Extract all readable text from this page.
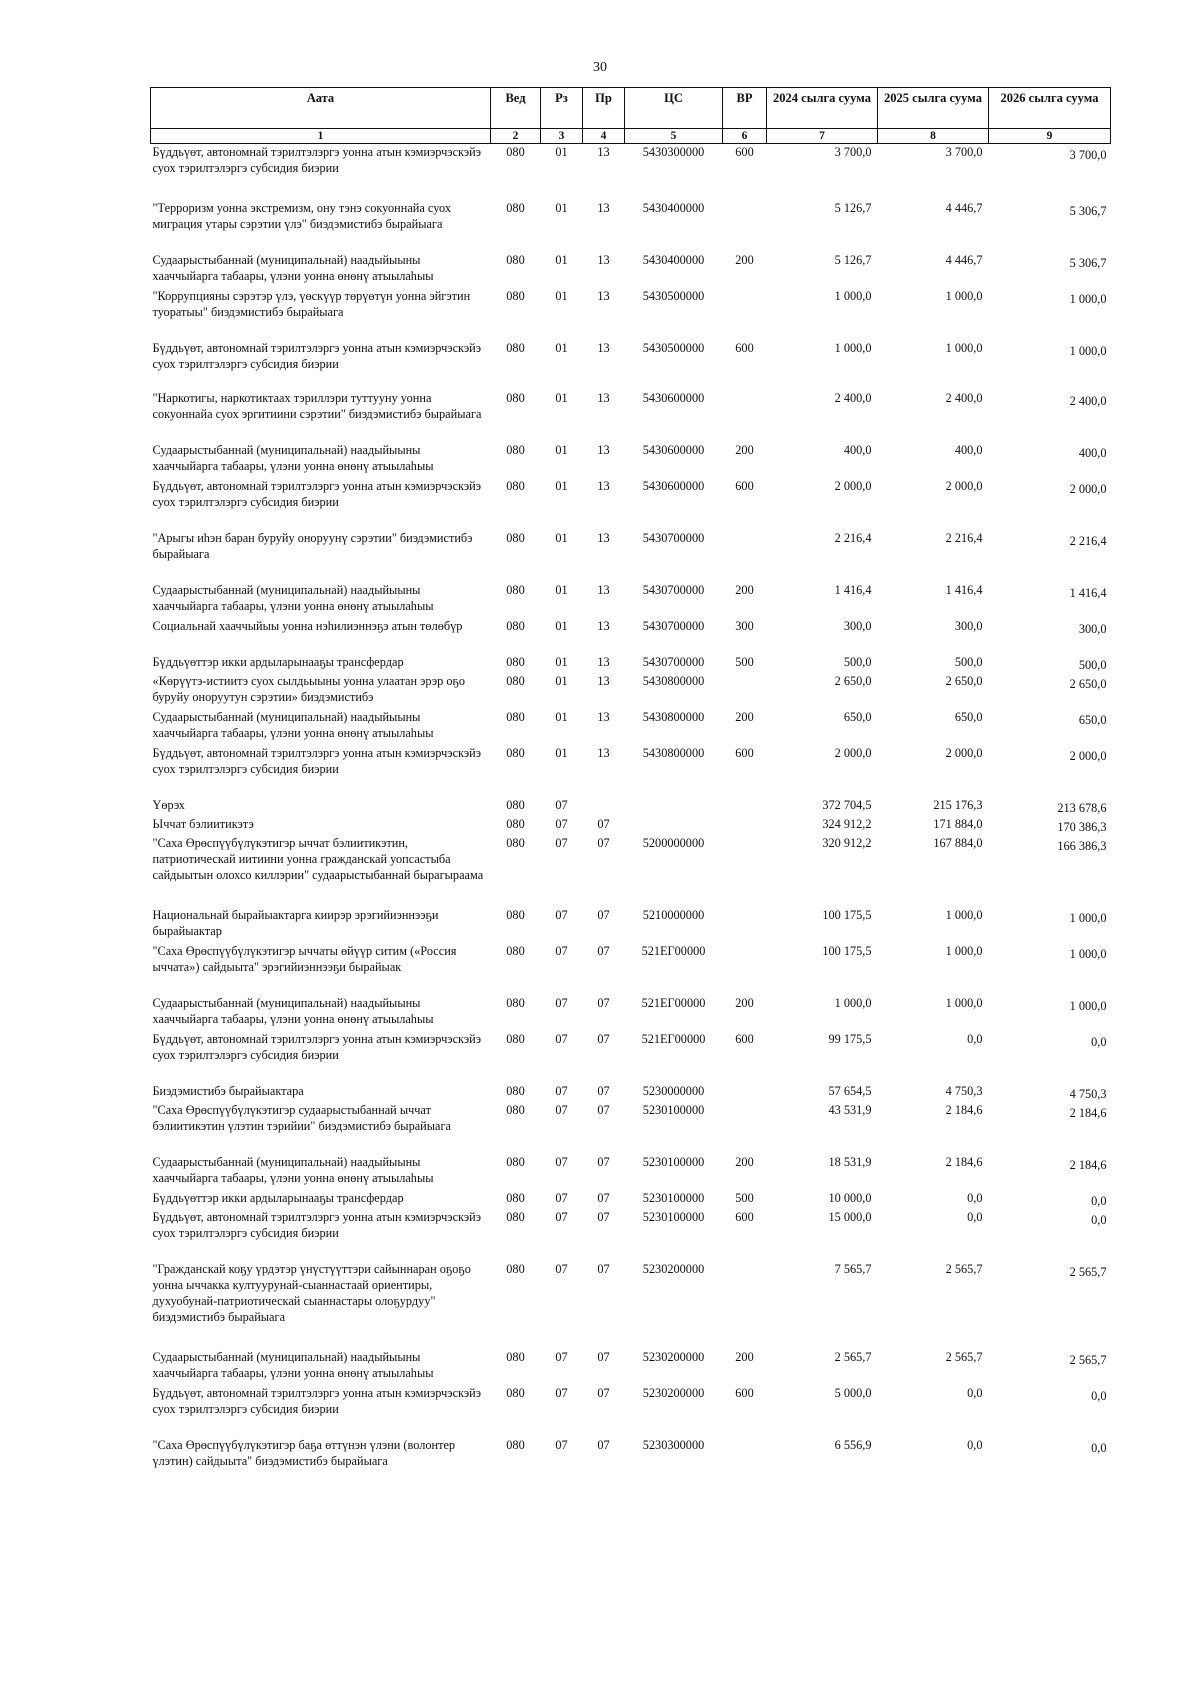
30
Аата	Вед	Рз	Пр	ЦС	ВР	2024 сылга суума	2025 сылга суума	2026 сылга суума
1	2	3	4	5	6	7	8	9
Бүддьүөт, автономнай тэрилтэлэргэ уонна атын кэмиэрчэскэйэ суох тэрилтэлэргэ субсидия биэрии	080	01	13	5430300000	600	3 700,0	3 700,0	3 700,0
"Терроризм уонна экстремизм, ону тэнэ сокуоннайа суох миграция утары сэрэтии үлэ" биэдэмистибэ бырайыага	080	01	13	5430400000		5 126,7	4 446,7	5 306,7
Судаарыстыбаннай (муниципальнай) наадыйыыны хааччыйарга табаары, үлэни уонна өнөнү атыылаһыы	080	01	13	5430400000	200	5 126,7	4 446,7	5 306,7
"Коррупцияны сэрэтэр үлэ, үөскүүр төрүөтүн уонна эйгэтин туоратыы" биэдэмистибэ бырайыага	080	01	13	5430500000		1 000,0	1 000,0	1 000,0
Бүддьүөт, автономнай тэрилтэлэргэ уонна атын кэмиэрчэскэйэ суох тэрилтэлэргэ субсидия биэрии	080	01	13	5430500000	600	1 000,0	1 000,0	1 000,0
"Наркотигы, наркотиктаах тэриллэри туттууну уонна сокуоннайа суох эргитиини сэрэтии" биэдэмистибэ бырайыага	080	01	13	5430600000		2 400,0	2 400,0	2 400,0
Судаарыстыбаннай (муниципальнай) наадыйыыны хааччыйарга табаары, үлэни уонна өнөнү атыылаһыы	080	01	13	5430600000	200	400,0	400,0	400,0
Бүддьүөт, автономнай тэрилтэлэргэ уонна атын кэмиэрчэскэйэ суох тэрилтэлэргэ субсидия биэрии	080	01	13	5430600000	600	2 000,0	2 000,0	2 000,0
"Арыгы иһэн баран буруйу оноруунү сэрэтии" биэдэмистибэ бырайыага	080	01	13	5430700000		2 216,4	2 216,4	2 216,4
Судаарыстыбаннай (муниципальнай) наадыйыыны хааччыйарга табаары, үлэни уонна өнөнү атыылаһыы	080	01	13	5430700000	200	1 416,4	1 416,4	1 416,4
Социальнай хааччыйыы уонна нэһилиэннэҕэ атын төлөбүр	080	01	13	5430700000	300	300,0	300,0	300,0
Бүддьүөттэр икки ардыларынааҕы трансфердар	080	01	13	5430700000	500	500,0	500,0	500,0
«Көрүүтэ-истиитэ суох сылдьыыны уонна улаатан эрэр оҕо буруйу оноруутун сэрэтии» биэдэмистибэ	080	01	13	5430800000		2 650,0	2 650,0	2 650,0
Судаарыстыбаннай (муниципальнай) наадыйыыны хааччыйарга табаары, үлэни уонна өнөнү атыылаһыы	080	01	13	5430800000	200	650,0	650,0	650,0
Бүддьүөт, автономнай тэрилтэлэргэ уонна атын кэмиэрчэскэйэ суох тэрилтэлэргэ субсидия биэрии	080	01	13	5430800000	600	2 000,0	2 000,0	2 000,0
Үөрэх	080	07				372 704,5	215 176,3	213 678,6
Ыччат бэлиитикэтэ	080	07	07			324 912,2	171 884,0	170 386,3
"Саха Өрөспүүбүлүкэтигэр ыччат бэлиитикэтин, патриотическай иитиини уонна гражданскай уопсастыба сайдыытын олохсо киллэрии" судаарыстыбаннай бырагыраама	080	07	07	5200000000		320 912,2	167 884,0	166 386,3
Национальнай бырайыактарга киирэр эрэгийиэннээҕи бырайыактар	080	07	07	5210000000		100 175,5	1 000,0	1 000,0
"Саха Өрөспүүбүлүкэтигэр ыччаты өйүүр ситим («Россия ыччата») сайдыыта" эрэгийиэннээҕи бырайыак	080	07	07	521ЕГ00000		100 175,5	1 000,0	1 000,0
Судаарыстыбаннай (муниципальнай) наадыйыыны хааччыйарга табаары, үлэни уонна өнөнү атыылаһыы	080	07	07	521ЕГ00000	200	1 000,0	1 000,0	1 000,0
Бүддьүөт, автономнай тэрилтэлэргэ уонна атын кэмиэрчэскэйэ суох тэрилтэлэргэ субсидия биэрии	080	07	07	521ЕГ00000	600	99 175,5	0,0	0,0
Биэдэмистибэ бырайыактара	080	07	07	5230000000		57 654,5	4 750,3	4 750,3
"Саха Өрөспүүбүлүкэтигэр судаарыстыбаннай ыччат бэлиитикэтин үлэтин тэрийии" биэдэмистибэ бырайыага	080	07	07	5230100000		43 531,9	2 184,6	2 184,6
Судаарыстыбаннай (муниципальнай) наадыйыыны хааччыйарга табаары, үлэни уонна өнөнү атыылаһыы	080	07	07	5230100000	200	18 531,9	2 184,6	2 184,6
Бүддьүөттэр икки ардыларынааҕы трансфердар	080	07	07	5230100000	500	10 000,0	0,0	0,0
Бүддьүөт, автономнай тэрилтэлэргэ уонна атын кэмиэрчэскэйэ суох тэрилтэлэргэ субсидия биэрии	080	07	07	5230100000	600	15 000,0	0,0	0,0
"Гражданскай коҕу үрдэтэр үнүстүүттэри сайыннаран оҕоҕо уонна ыччакка култуурунай-сыаннастаай ориентиры, духуобунай-патриотическай сыаннастары олоҕурдуу" биэдэмистибэ бырайыага	080	07	07	5230200000		7 565,7	2 565,7	2 565,7
Судаарыстыбаннай (муниципальнай) наадыйыыны хааччыйарга табаары, үлэни уонна өнөнү атыылаһыы	080	07	07	5230200000	200	2 565,7	2 565,7	2 565,7
Бүддьүөт, автономнай тэрилтэлэргэ уонна атын кэмиэрчэскэйэ суох тэрилтэлэргэ субсидия биэрии	080	07	07	5230200000	600	5 000,0	0,0	0,0
"Саха Өрөспүүбүлүкэтигэр баҕа өттүнэн үлэни (волонтер үлэтин) сайдыыта" биэдэмистибэ бырайыага	080	07	07	5230300000		6 556,9	0,0	0,0
